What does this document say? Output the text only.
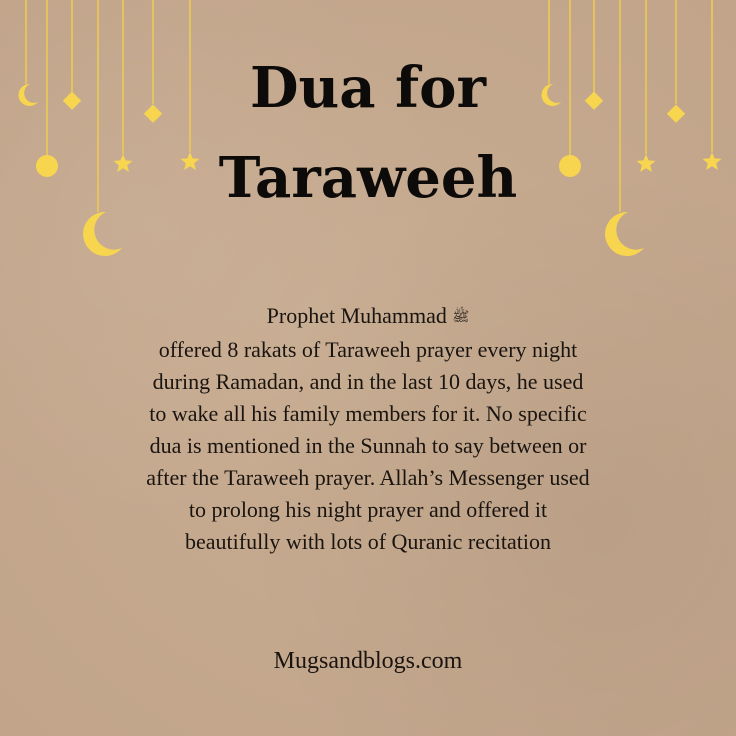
Dua for
Taraweeh
Prophet Muhammad ﷺ
offered 8 rakats of Taraweeh prayer every night
during Ramadan, and in the last 10 days, he used
to wake all his family members for it. No specific
dua is mentioned in the Sunnah to say between or
after the Taraweeh prayer. Allah’s Messenger used
to prolong his night prayer and offered it
beautifully with lots of Quranic recitation
Mugsandblogs.com
